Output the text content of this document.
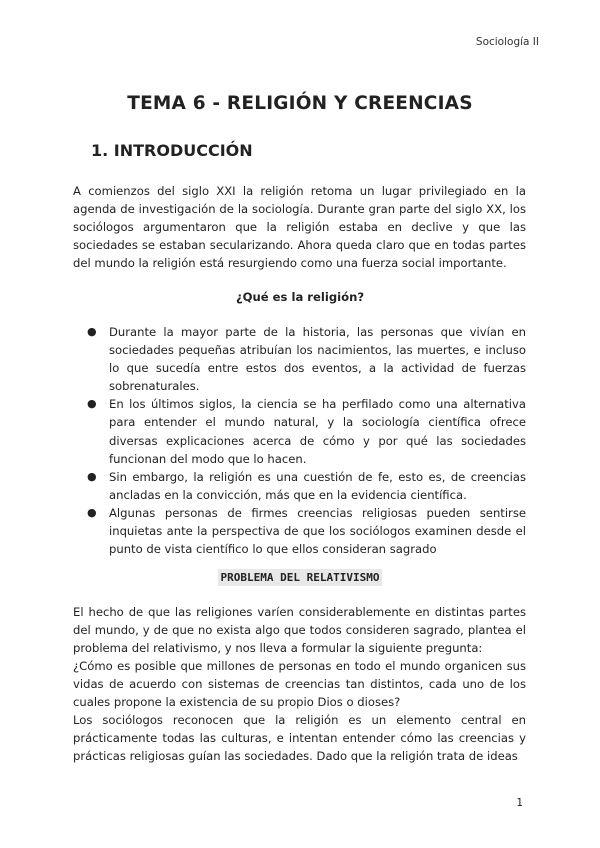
Sociología II
TEMA 6 - RELIGIÓN Y CREENCIAS
1. INTRODUCCIÓN

A comienzos del siglo XXI la religión retoma un lugar privilegiado en la agenda de investigación de la sociología. Durante gran parte del siglo XX, los sociólogos argumentaron que la religión estaba en declive y que las sociedades se estaban secularizando. Ahora queda claro que en todas partes del mundo la religión está resurgiendo como una fuerza social importante.

¿Qué es la religión?

● Durante la mayor parte de la historia, las personas que vivían en sociedades pequeñas atribuían los nacimientos, las muertes, e incluso lo que sucedía entre estos dos eventos, a la actividad de fuerzas sobrenaturales.
● En los últimos siglos, la ciencia se ha perfilado como una alternativa para entender el mundo natural, y la sociología científica ofrece diversas explicaciones acerca de cómo y por qué las sociedades funcionan del modo que lo hacen.
● Sin embargo, la religión es una cuestión de fe, esto es, de creencias ancladas en la convicción, más que en la evidencia científica.
● Algunas personas de firmes creencias religiosas pueden sentirse inquietas ante la perspectiva de que los sociólogos examinen desde el punto de vista científico lo que ellos consideran sagrado

PROBLEMA DEL RELATIVISMO

El hecho de que las religiones varíen considerablemente en distintas partes del mundo, y de que no exista algo que todos consideren sagrado, plantea el problema del relativismo, y nos lleva a formular la siguiente pregunta:

¿Cómo es posible que millones de personas en todo el mundo organicen sus vidas de acuerdo con sistemas de creencias tan distintos, cada uno de los cuales propone la existencia de su propio Dios o dioses?

Los sociólogos reconocen que la religión es un elemento central en prácticamente todas las culturas, e intentan entender cómo las creencias y prácticas religiosas guían las sociedades. Dado que la religión trata de ideas

1
